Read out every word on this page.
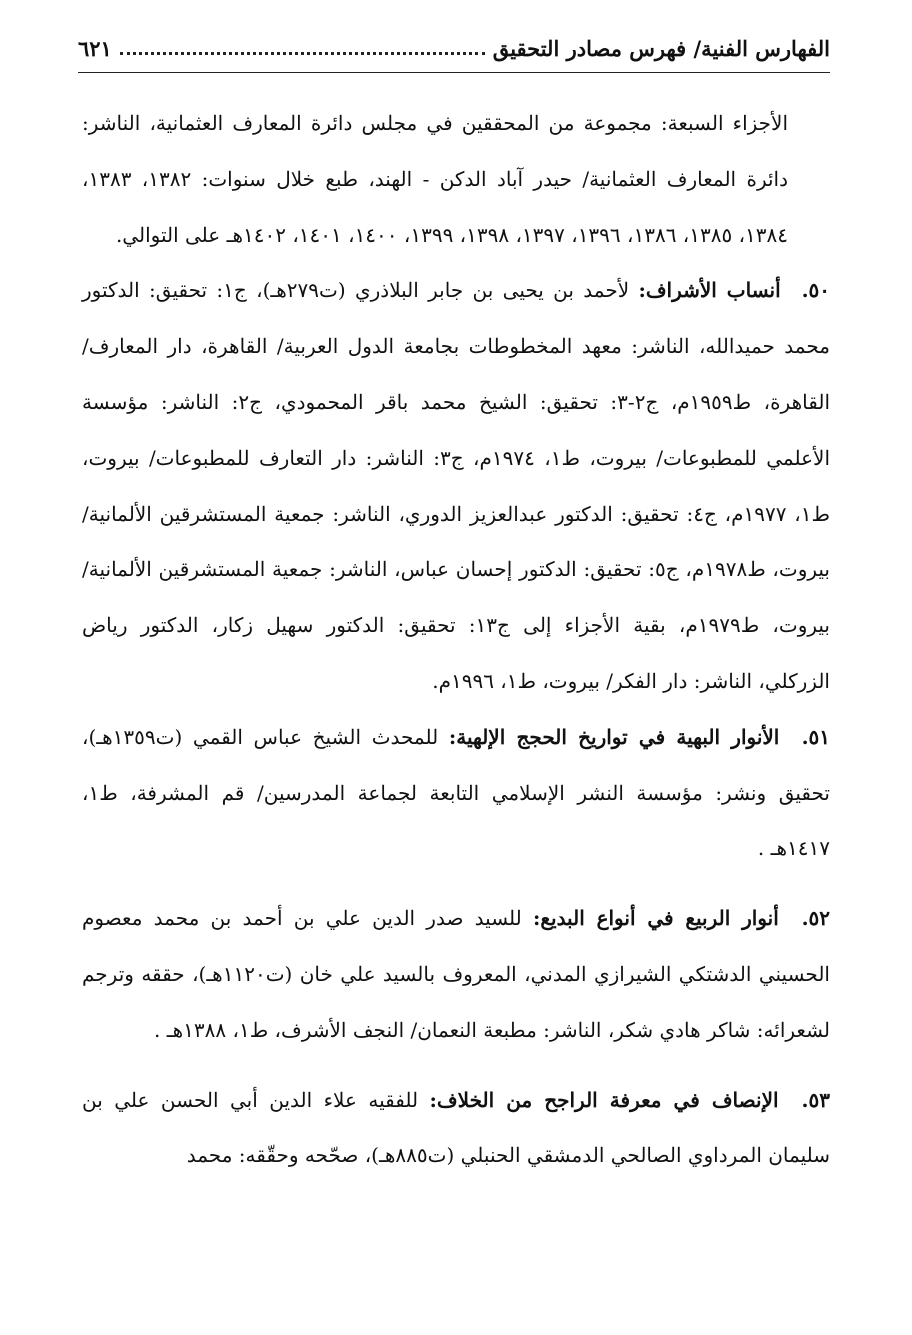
الفهارس الفنية/ فهرس مصادر التحقيق
٦٢١

الأجزاء السبعة: مجموعة من المحققين في مجلس دائرة المعارف العثمانية، الناشر: دائرة المعارف العثمانية/ حيدر آباد الدكن - الهند، طبع خلال سنوات: ١٣٨٢، ١٣٨٣، ١٣٨٤، ١٣٨٥، ١٣٨٦، ١٣٩٦، ١٣٩٧، ١٣٩٨، ١٣٩٩، ١٤٠٠، ١٤٠١، ١٤٠٢هـ على التوالي.

٥٠. أنساب الأشراف: لأحمد بن يحيى بن جابر البلاذري (ت٢٧٩هـ)، ج١: تحقيق: الدكتور محمد حميدالله، الناشر: معهد المخطوطات بجامعة الدول العربية/ القاهرة، دار المعارف/ القاهرة، ط١٩٥٩م، ج٢-٣: تحقيق: الشيخ محمد باقر المحمودي، ج٢: الناشر: مؤسسة الأعلمي للمطبوعات/ بيروت، ط١، ١٩٧٤م، ج٣: الناشر: دار التعارف للمطبوعات/ بيروت، ط١، ١٩٧٧م، ج٤: تحقيق: الدكتور عبدالعزيز الدوري، الناشر: جمعية المستشرقين الألمانية/ بيروت، ط١٩٧٨م، ج٥: تحقيق: الدكتور إحسان عباس، الناشر: جمعية المستشرقين الألمانية/ بيروت، ط١٩٧٩م، بقية الأجزاء إلى ج١٣: تحقيق: الدكتور سهيل زكار، الدكتور رياض الزركلي، الناشر: دار الفكر/ بيروت، ط١، ١٩٩٦م.

٥١. الأنوار البهية في تواريخ الحجج الإلهية: للمحدث الشيخ عباس القمي (ت١٣٥٩هـ)، تحقيق ونشر: مؤسسة النشر الإسلامي التابعة لجماعة المدرسين/ قم المشرفة، ط١، ١٤١٧هـ .

٥٢. أنوار الربيع في أنواع البديع: للسيد صدر الدين علي بن أحمد بن محمد معصوم الحسيني الدشتكي الشيرازي المدني، المعروف بالسيد علي خان (ت١١٢٠هـ)، حققه وترجم لشعرائه: شاكر هادي شكر، الناشر: مطبعة النعمان/ النجف الأشرف، ط١، ١٣٨٨هـ .

٥٣. الإنصاف في معرفة الراجح من الخلاف: للفقيه علاء الدين أبي الحسن علي بن سليمان المرداوي الصالحي الدمشقي الحنبلي (ت٨٨٥هـ)، صحّحه وحقّقه: محمد
